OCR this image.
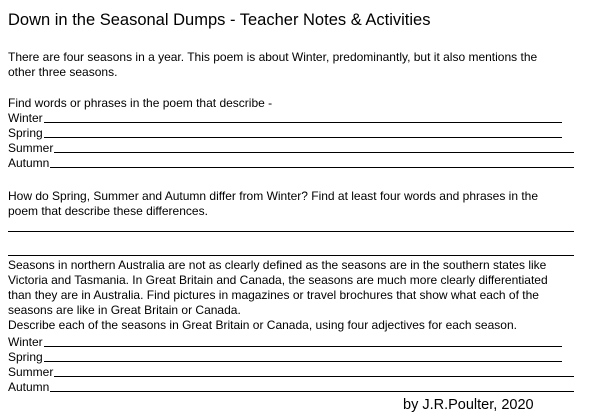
Down in the Seasonal Dumps - Teacher Notes & Activities
There are four seasons in a year. This poem is about Winter, predominantly, but it also mentions the
other three seasons.
Find words or phrases in the poem that describe -
Winter
Spring
Summer
Autumn
How do Spring, Summer and Autumn differ from Winter? Find at least four words and phrases in the
poem that describe these differences.
Seasons in northern Australia are not as clearly defined as the seasons are in the southern states like
Victoria and Tasmania. In Great Britain and Canada, the seasons are much more clearly differentiated
than they are in Australia. Find pictures in magazines or travel brochures that show what each of the
seasons are like in Great Britain or Canada.
Describe each of the seasons in Great Britain or Canada, using four adjectives for each season.
Winter
Spring
Summer
Autumn
by J.R.Poulter, 2020
